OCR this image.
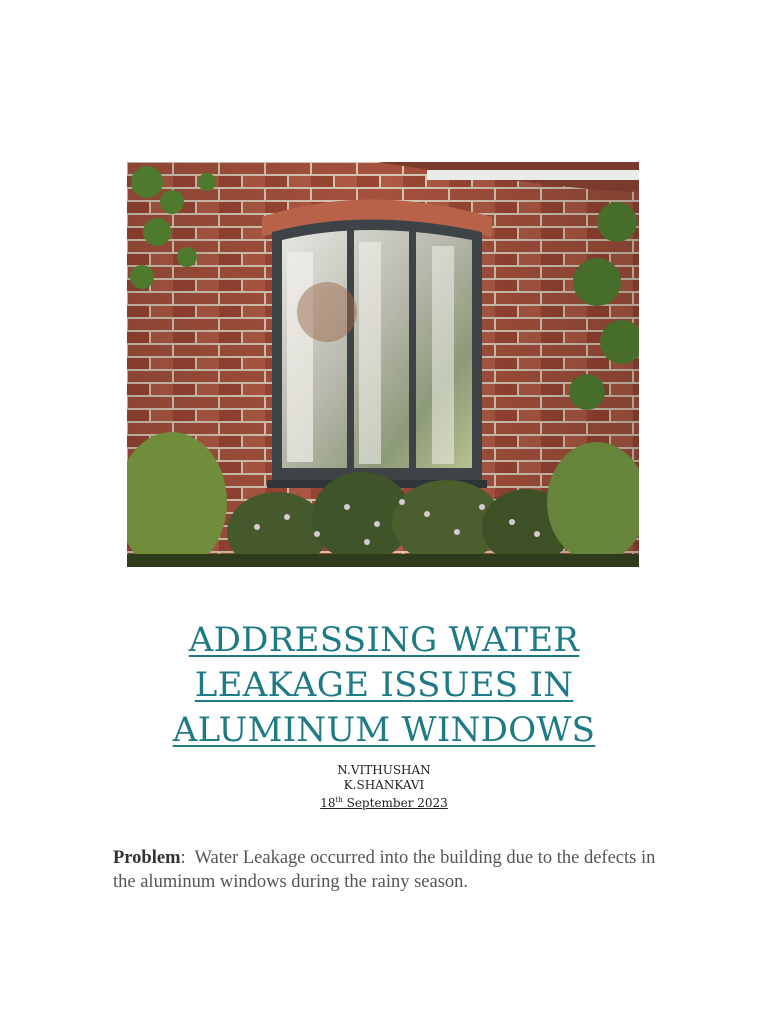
ADDRESSING WATER
LEAKAGE ISSUES IN
ALUMINUM WINDOWS
N.VITHUSHAN
K.SHANKAVI
18th September 2023
Problem:  Water Leakage occurred into the building due to the defects in the aluminum windows during the rainy season.
